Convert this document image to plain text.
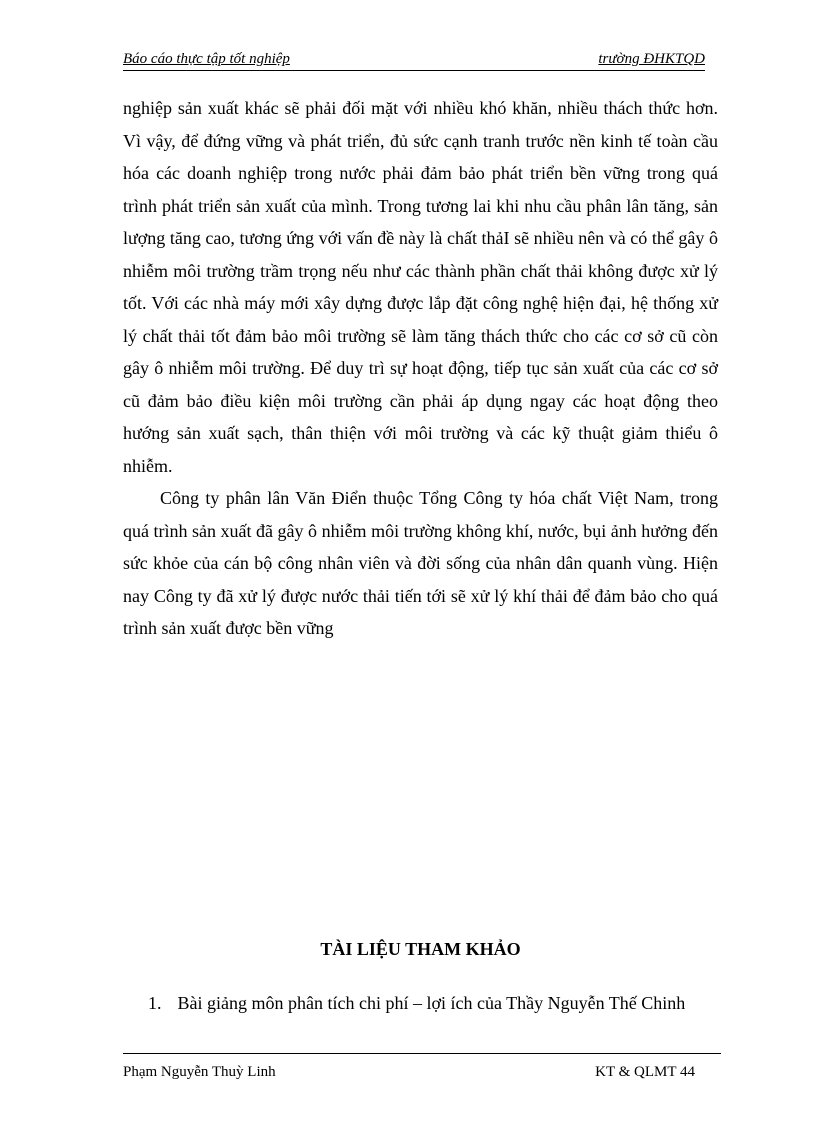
Báo cáo thực tập tốt nghiệp	trường ĐHKTQD

nghiệp sản xuất khác sẽ phải đối mặt với nhiều khó khăn, nhiều thách thức hơn. Vì vậy, để đứng vững và phát triển, đủ sức cạnh tranh trước nền kinh tế toàn cầu hóa các doanh nghiệp trong nước phải đảm bảo phát triển bền vững trong quá trình phát triển sản xuất của mình. Trong tương lai khi nhu cầu phân lân tăng, sản lượng tăng cao, tương ứng với vấn đề này là chất thảI sẽ nhiều nên và có thể gây ô nhiễm môi trường trầm trọng nếu như các thành phần chất thải không được xử lý tốt. Với các nhà máy mới xây dựng được lắp đặt công nghệ hiện đại, hệ thống xử lý chất thải tốt đảm bảo môi trường sẽ làm tăng thách thức cho các cơ sở cũ còn gây ô nhiễm môi trường. Để duy trì sự hoạt động, tiếp tục sản xuất của các cơ sở cũ đảm bảo điều kiện môi trường cần phải áp dụng ngay các hoạt động theo hướng sản xuất sạch, thân thiện với môi trường và các kỹ thuật giảm thiểu ô nhiễm.

Công ty phân lân Văn Điển thuộc Tổng Công ty hóa chất Việt Nam, trong quá trình sản xuất đã gây ô nhiễm môi trường không khí, nước, bụi ảnh hưởng đến sức khỏe của cán bộ công nhân viên và đời sống của nhân dân quanh vùng. Hiện nay Công ty đã xử lý được nước thải tiến tới sẽ xử lý khí thải để đảm bảo cho quá trình sản xuất được bền vững

TÀI LIỆU THAM KHẢO
1. Bài giảng môn phân tích chi phí – lợi ích của Thầy Nguyễn Thế Chinh
Phạm Nguyễn Thuỳ Linh	KT & QLMT 44
